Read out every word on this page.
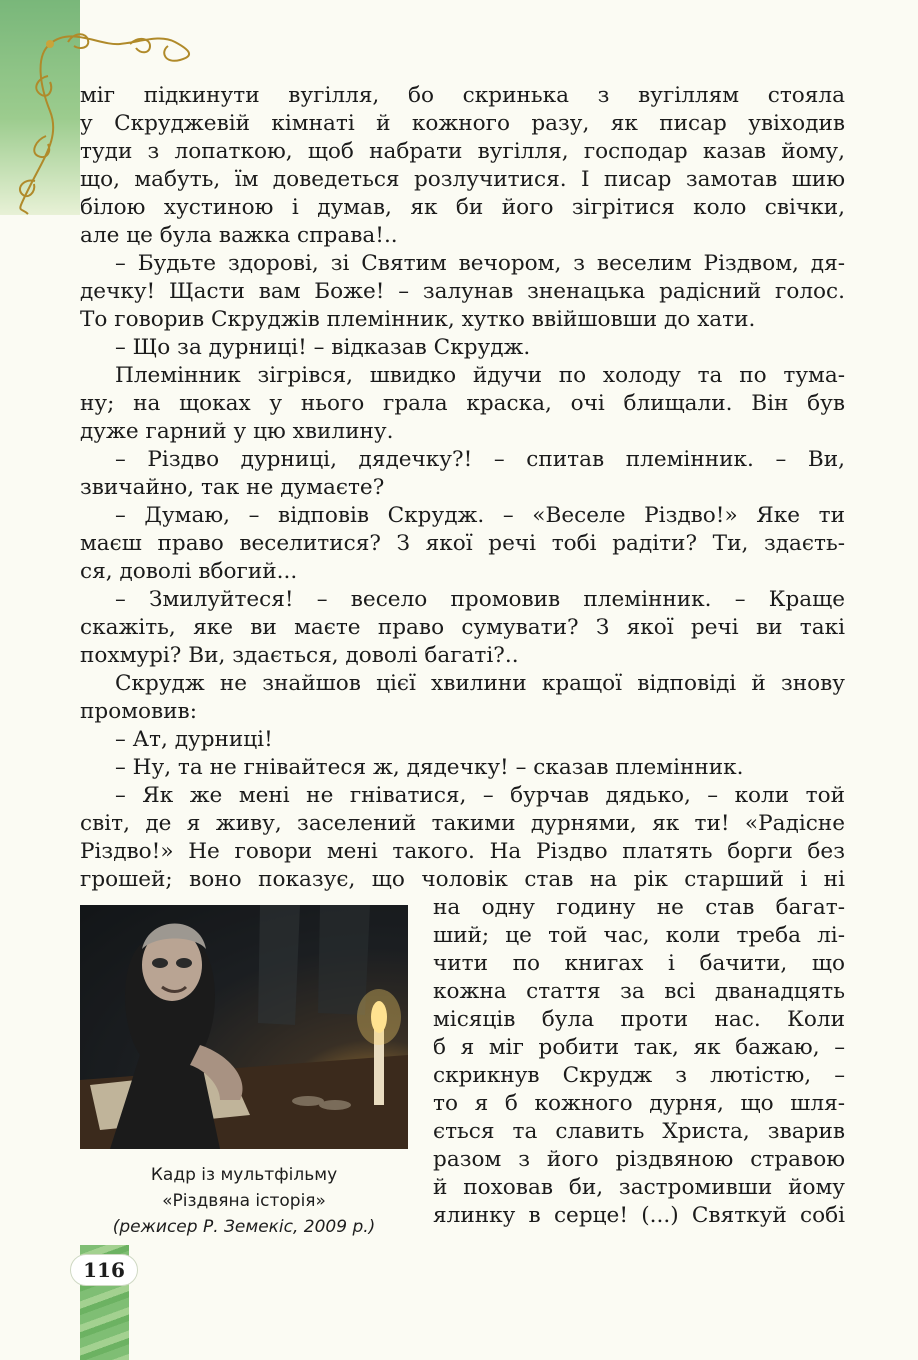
міг підкинути вугілля, бо скринька з вугіллям стояла
у Скруджевій кімнаті й кожного разу, як писар увіходив
туди з лопаткою, щоб набрати вугілля, господар казав йому,
що, мабуть, їм доведеться розлучитися. І писар замотав шию
білою хустиною і думав, як би його зігрітися коло свічки,
але це була важка справа!..
– Будьте здорові, зі Святим вечором, з веселим Різдвом, дя-
дечку! Щасти вам Боже! – залунав зненацька радісний голос.
То говорив Скруджів племінник, хутко ввійшовши до хати.
– Що за дурниці! – відказав Скрудж.
Племінник зігрівся, швидко йдучи по холоду та по тума-
ну; на щоках у нього грала краска, очі блищали. Він був
дуже гарний у цю хвилину.
– Різдво дурниці, дядечку?! – спитав племінник. – Ви,
звичайно, так не думаєте?
– Думаю, – відповів Скрудж. – «Веселе Різдво!» Яке ти
маєш право веселитися? З якої речі тобі радіти? Ти, здаєть-
ся, доволі вбогий...
– Змилуйтеся! – весело промовив племінник. – Краще
скажіть, яке ви маєте право сумувати? З якої речі ви такі
похмурі? Ви, здається, доволі багаті?..
Скрудж не знайшов цієї хвилини кращої відповіді й знову
промовив:
– Ат, дурниці!
– Ну, та не гнівайтеся ж, дядечку! – сказав племінник.
– Як же мені не гніватися, – бурчав дядько, – коли той
світ, де я живу, заселений такими дурнями, як ти! «Радісне
Різдво!» Не говори мені такого. На Різдво платять борги без
грошей; воно показує, що чоловік став на рік старший і ні
Кадр із мультфільму
«Різдвяна історія»
(режисер Р. Земекіс, 2009 р.)
на одну годину не став багат-
ший; це той час, коли треба лі-
чити по книгах і бачити, що
кожна стаття за всі дванадцять
місяців була проти нас. Коли
б я міг робити так, як бажаю, –
скрикнув Скрудж з лютістю, –
то я б кожного дурня, що шля-
ється та славить Христа, зварив
разом з його різдвяною стравою
й поховав би, застромивши йому
ялинку в серце! (...) Святкуй собі
116
